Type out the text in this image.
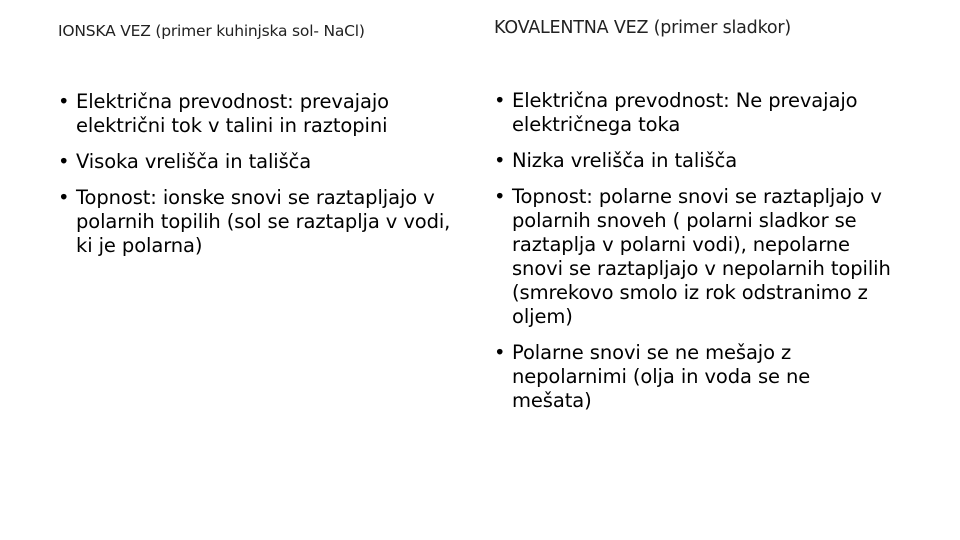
IONSKA VEZ (primer kuhinjska sol- NaCl)
• Električna prevodnost: prevajajo električni tok v talini in raztopini
• Visoka vrelišča in tališča
• Topnost: ionske snovi se raztapljajo v polarnih topilih (sol se raztaplja v vodi, ki je polarna)
KOVALENTNA VEZ (primer sladkor)
• Električna prevodnost: Ne prevajajo električnega toka
• Nizka vrelišča in tališča
• Topnost: polarne snovi se raztapljajo v polarnih snoveh ( polarni sladkor se raztaplja v polarni vodi), nepolarne snovi se raztapljajo v nepolarnih topilih (smrekovo smolo iz rok odstranimo z oljem)
• Polarne snovi se ne mešajo z nepolarnimi (olja in voda se ne mešata)
